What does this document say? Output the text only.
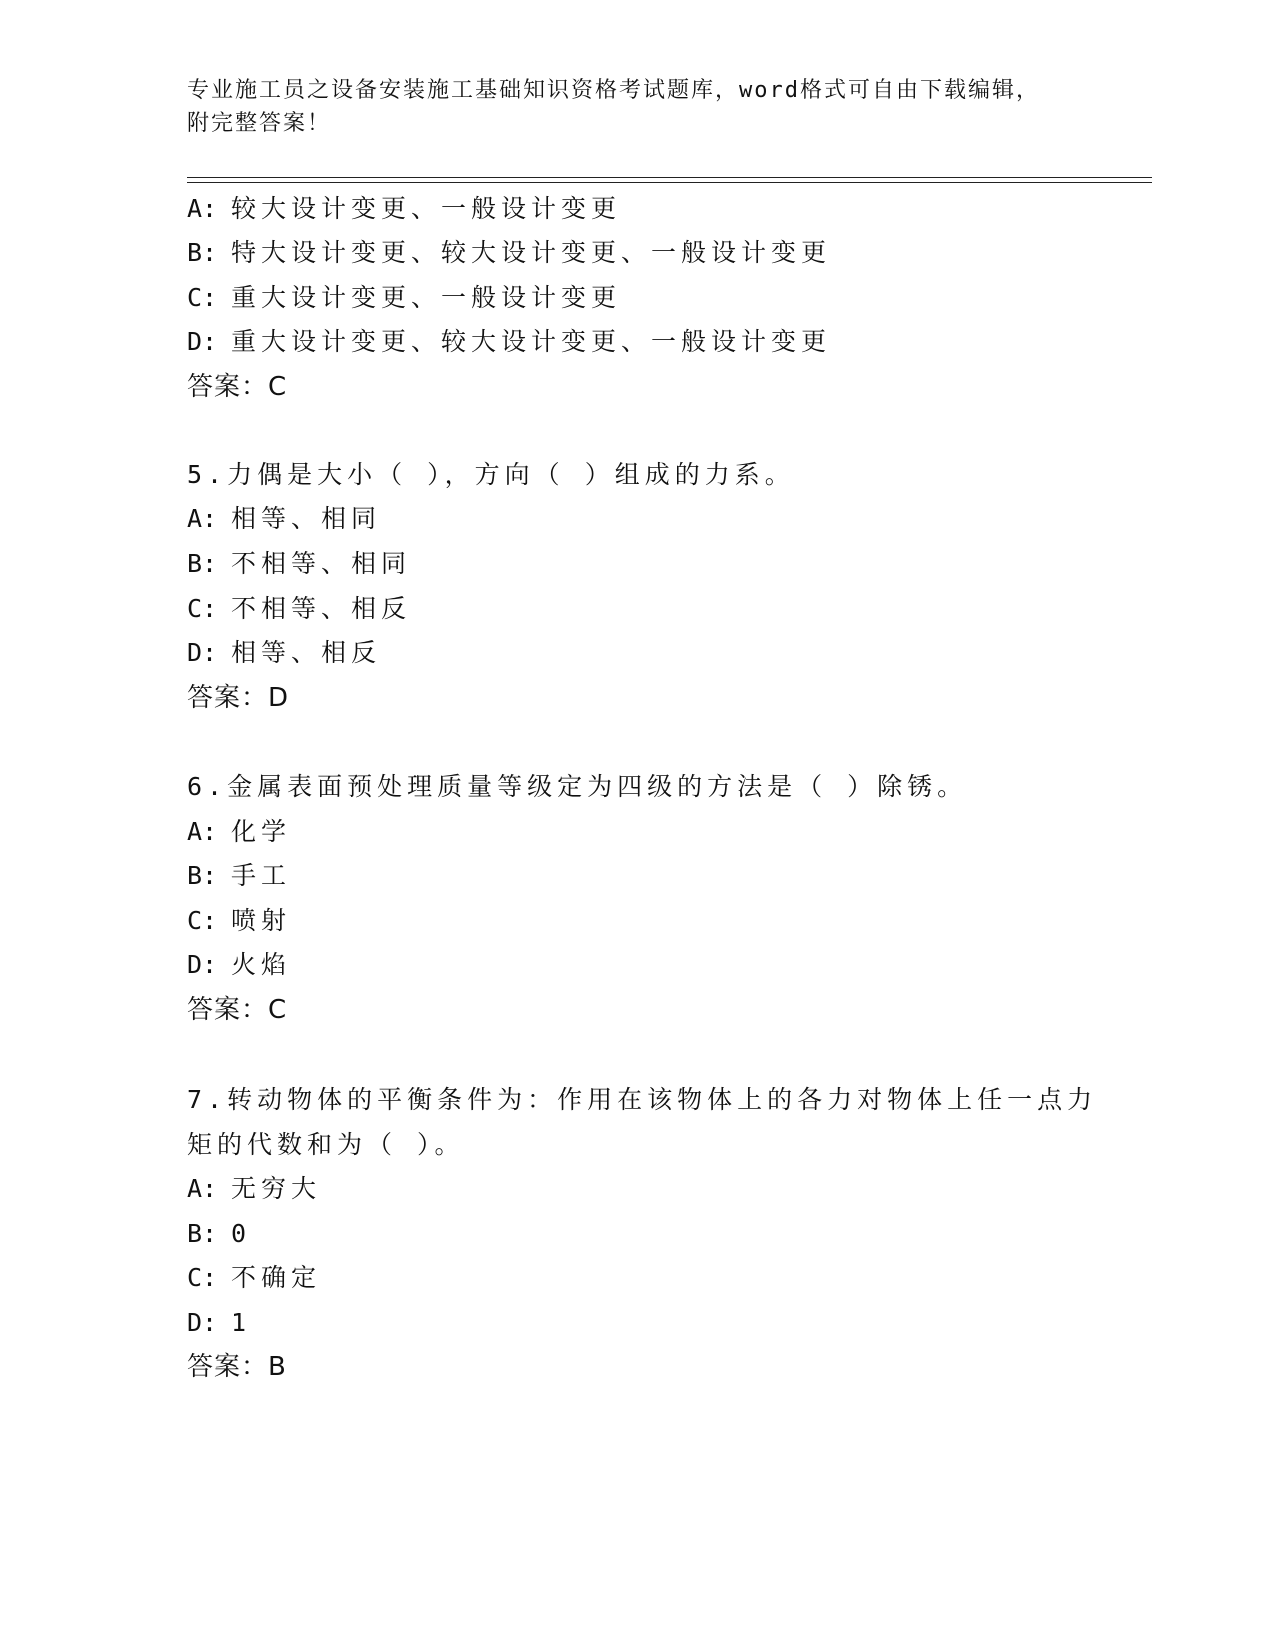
专业施工员之设备安装施工基础知识资格考试题库，word格式可自由下载编辑，
附完整答案！
A: 较大设计变更、一般设计变更
B: 特大设计变更、较大设计变更、一般设计变更
C: 重大设计变更、一般设计变更
D: 重大设计变更、较大设计变更、一般设计变更
答案：C
5.力偶是大小（ ），方向（ ）组成的力系。
A: 相等、相同
B: 不相等、相同
C: 不相等、相反
D: 相等、相反
答案：D
6.金属表面预处理质量等级定为四级的方法是（ ）除锈。
A: 化学
B: 手工
C: 喷射
D: 火焰
答案：C
7.转动物体的平衡条件为：作用在该物体上的各力对物体上任一点力
矩的代数和为（ ）。
A: 无穷大
B: 0
C: 不确定
D: 1
答案：B
